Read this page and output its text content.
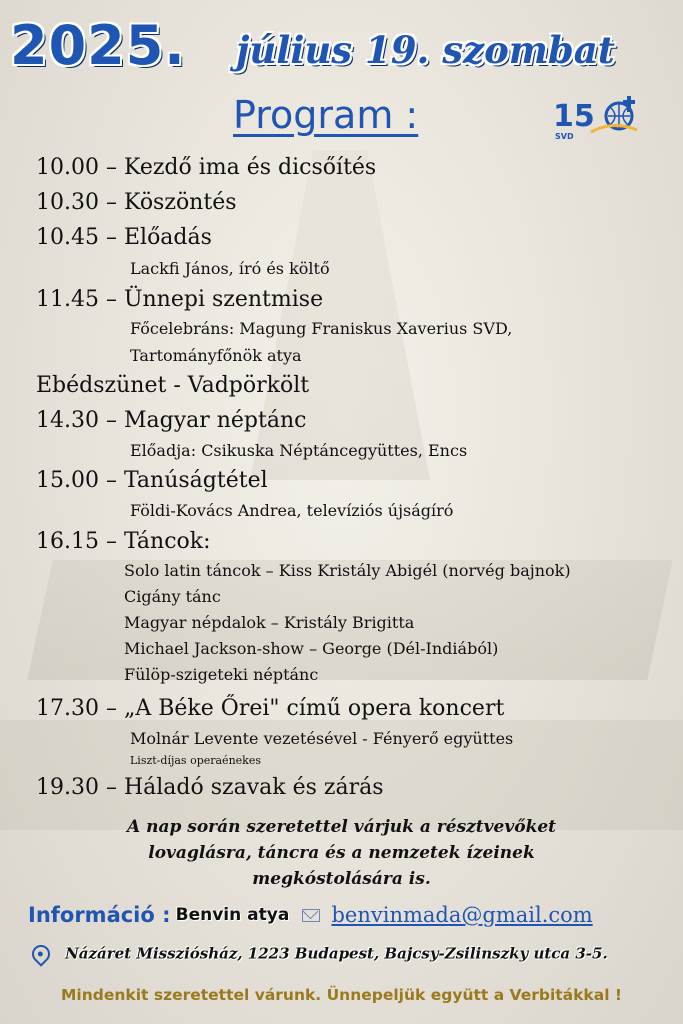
2025. július 19. szombat
Program :	15
SVD
10.00 – Kezdő ima és dicsőítés
10.30 – Köszöntés
10.45 – Előadás
Lackfi János, író és költő
11.45 – Ünnepi szentmise
Főcelebráns: Magung Franiskus Xaverius SVD,
Tartományfőnök atya
Ebédszünet - Vadpörkölt
14.30 – Magyar néptánc
Előadja: Csikuska Néptáncegyüttes, Encs
15.00 – Tanúságtétel
Földi-Kovács Andrea, televíziós újságíró
16.15 – Táncok:
Solo latin táncok – Kiss Kristály Abigél (norvég bajnok)
Cigány tánc
Magyar népdalok – Kristály Brigitta
Michael Jackson-show – George (Dél-Indiából)
Fülöp-szigeteki néptánc
17.30 – „A Béke Őrei" című opera koncert
Molnár Levente vezetésével - Fényerő együttes
Liszt-díjas operaénekes
19.30 – Háladó szavak és zárás
A nap során szeretettel várjuk a résztvevőket
lovaglásra, táncra és a nemzetek ízeinek
megkóstolására is.
Információ : Benvin atya benvinmada@gmail.com
Názáret Missziósház, 1223 Budapest, Bajcsy-Zsilinszky utca 3-5.
Mindenkit szeretettel várunk. Ünnepeljük együtt a Verbitákkal !
